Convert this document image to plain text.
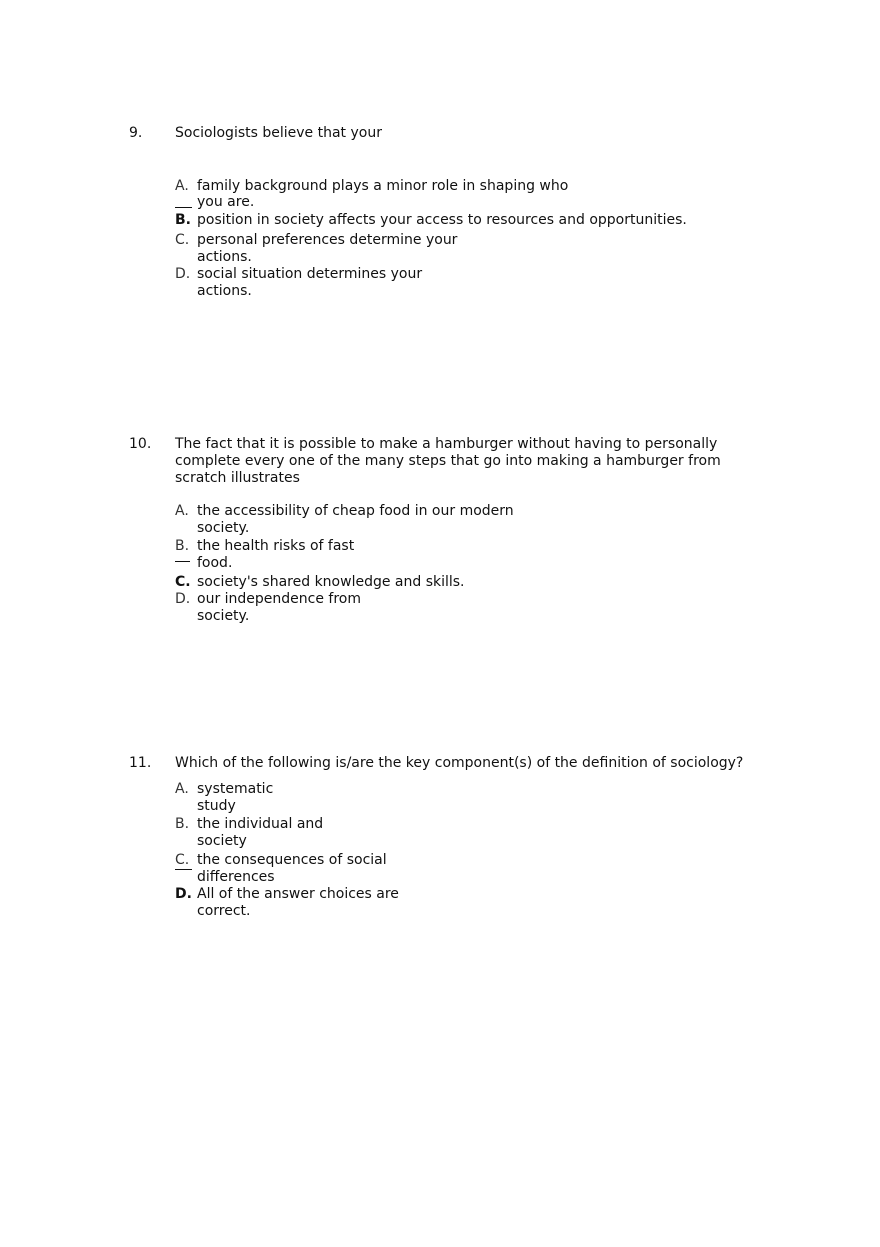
9. Sociologists believe that your
A. family background plays a minor role in shaping who
you are.
B. position in society affects your access to resources and opportunities.
C. personal preferences determine your
actions.
D. social situation determines your
actions.
10. The fact that it is possible to make a hamburger without having to personally
complete every one of the many steps that go into making a hamburger from
scratch illustrates
A. the accessibility of cheap food in our modern
society.
B. the health risks of fast
food.
C. society's shared knowledge and skills.
D. our independence from
society.
11. Which of the following is/are the key component(s) of the definition of sociology?
A. systematic
study
B. the individual and
society
C. the consequences of social
differences
D. All of the answer choices are
correct.
